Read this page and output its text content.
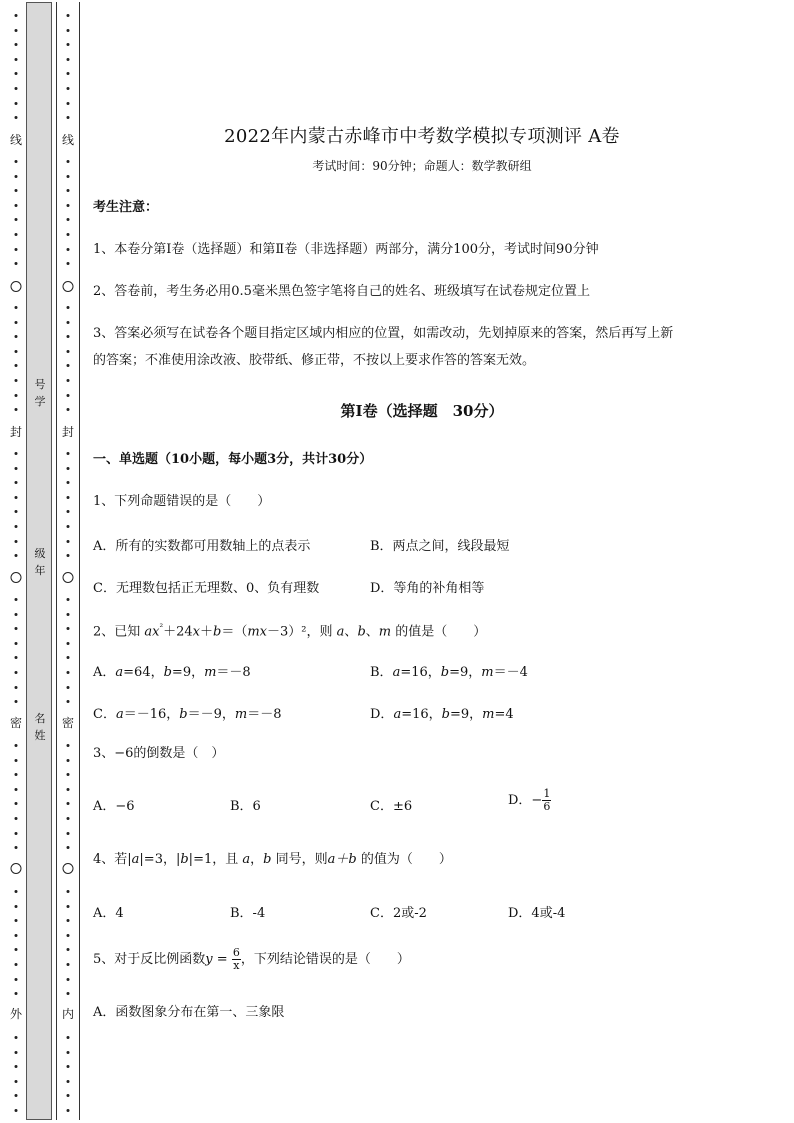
线
封
密
外
号学
级年
名姓
线
封
密
内
2022年内蒙古赤峰市中考数学模拟专项测评 A卷
考试时间：90分钟；命题人：数学教研组
考生注意：
1、本卷分第I卷（选择题）和第Ⅱ卷（非选择题）两部分，满分100分，考试时间90分钟
2、答卷前，考生务必用0.5毫米黑色签字笔将自己的姓名、班级填写在试卷规定位置上
3、答案必须写在试卷各个题目指定区域内相应的位置，如需改动，先划掉原来的答案，然后再写上新
的答案；不准使用涂改液、胶带纸、修正带，不按以上要求作答的答案无效。
第I卷（选择题　30分）
一、单选题（10小题，每小题3分，共计30分）
1、下列命题错误的是（　　）
A．所有的实数都可用数轴上的点表示	B．两点之间，线段最短
C．无理数包括正无理数、0、负有理数	D．等角的补角相等
2、已知 $ax^{^2}+24x+b=(mx-3)^2$，则 a、b、m 的值是（　　）
A．a=64，b=9，m＝－8	B．a=16，b=9，m＝－4
C．a＝－16，b＝－9，m＝－8	D．a=16，b=9，m=4
3、−6的倒数是（　）
A．−6	B．6	C．±6	D．− $\frac{1}{6}$
4、若|a|=3，|b|=1，且 a，b 同号，则a＋b 的值为（　　）
A．4	B．-4	C．2或-2	D．4或-4
5、对于反比例函数$y = \frac{6}{x}$ ，下列结论错误的是（　　）
A．函数图象分布在第一、三象限
